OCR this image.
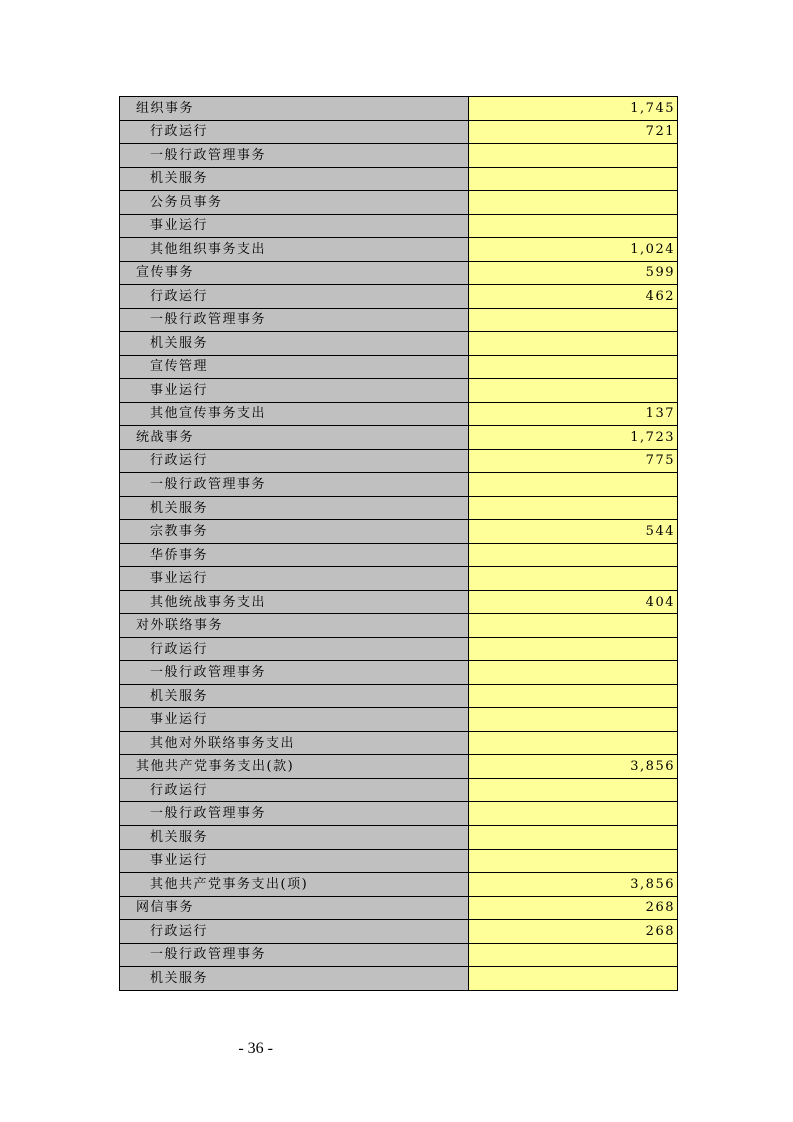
组织事务	1,745
行政运行	721
一般行政管理事务	
机关服务	
公务员事务	
事业运行	
其他组织事务支出	1,024
宣传事务	599
行政运行	462
一般行政管理事务	
机关服务	
宣传管理	
事业运行	
其他宣传事务支出	137
统战事务	1,723
行政运行	775
一般行政管理事务	
机关服务	
宗教事务	544
华侨事务	
事业运行	
其他统战事务支出	404
对外联络事务	
行政运行	
一般行政管理事务	
机关服务	
事业运行	
其他对外联络事务支出	
其他共产党事务支出(款)	3,856
行政运行	
一般行政管理事务	
机关服务	
事业运行	
其他共产党事务支出(项)	3,856
网信事务	268
行政运行	268
一般行政管理事务	
机关服务	
- 36 -
